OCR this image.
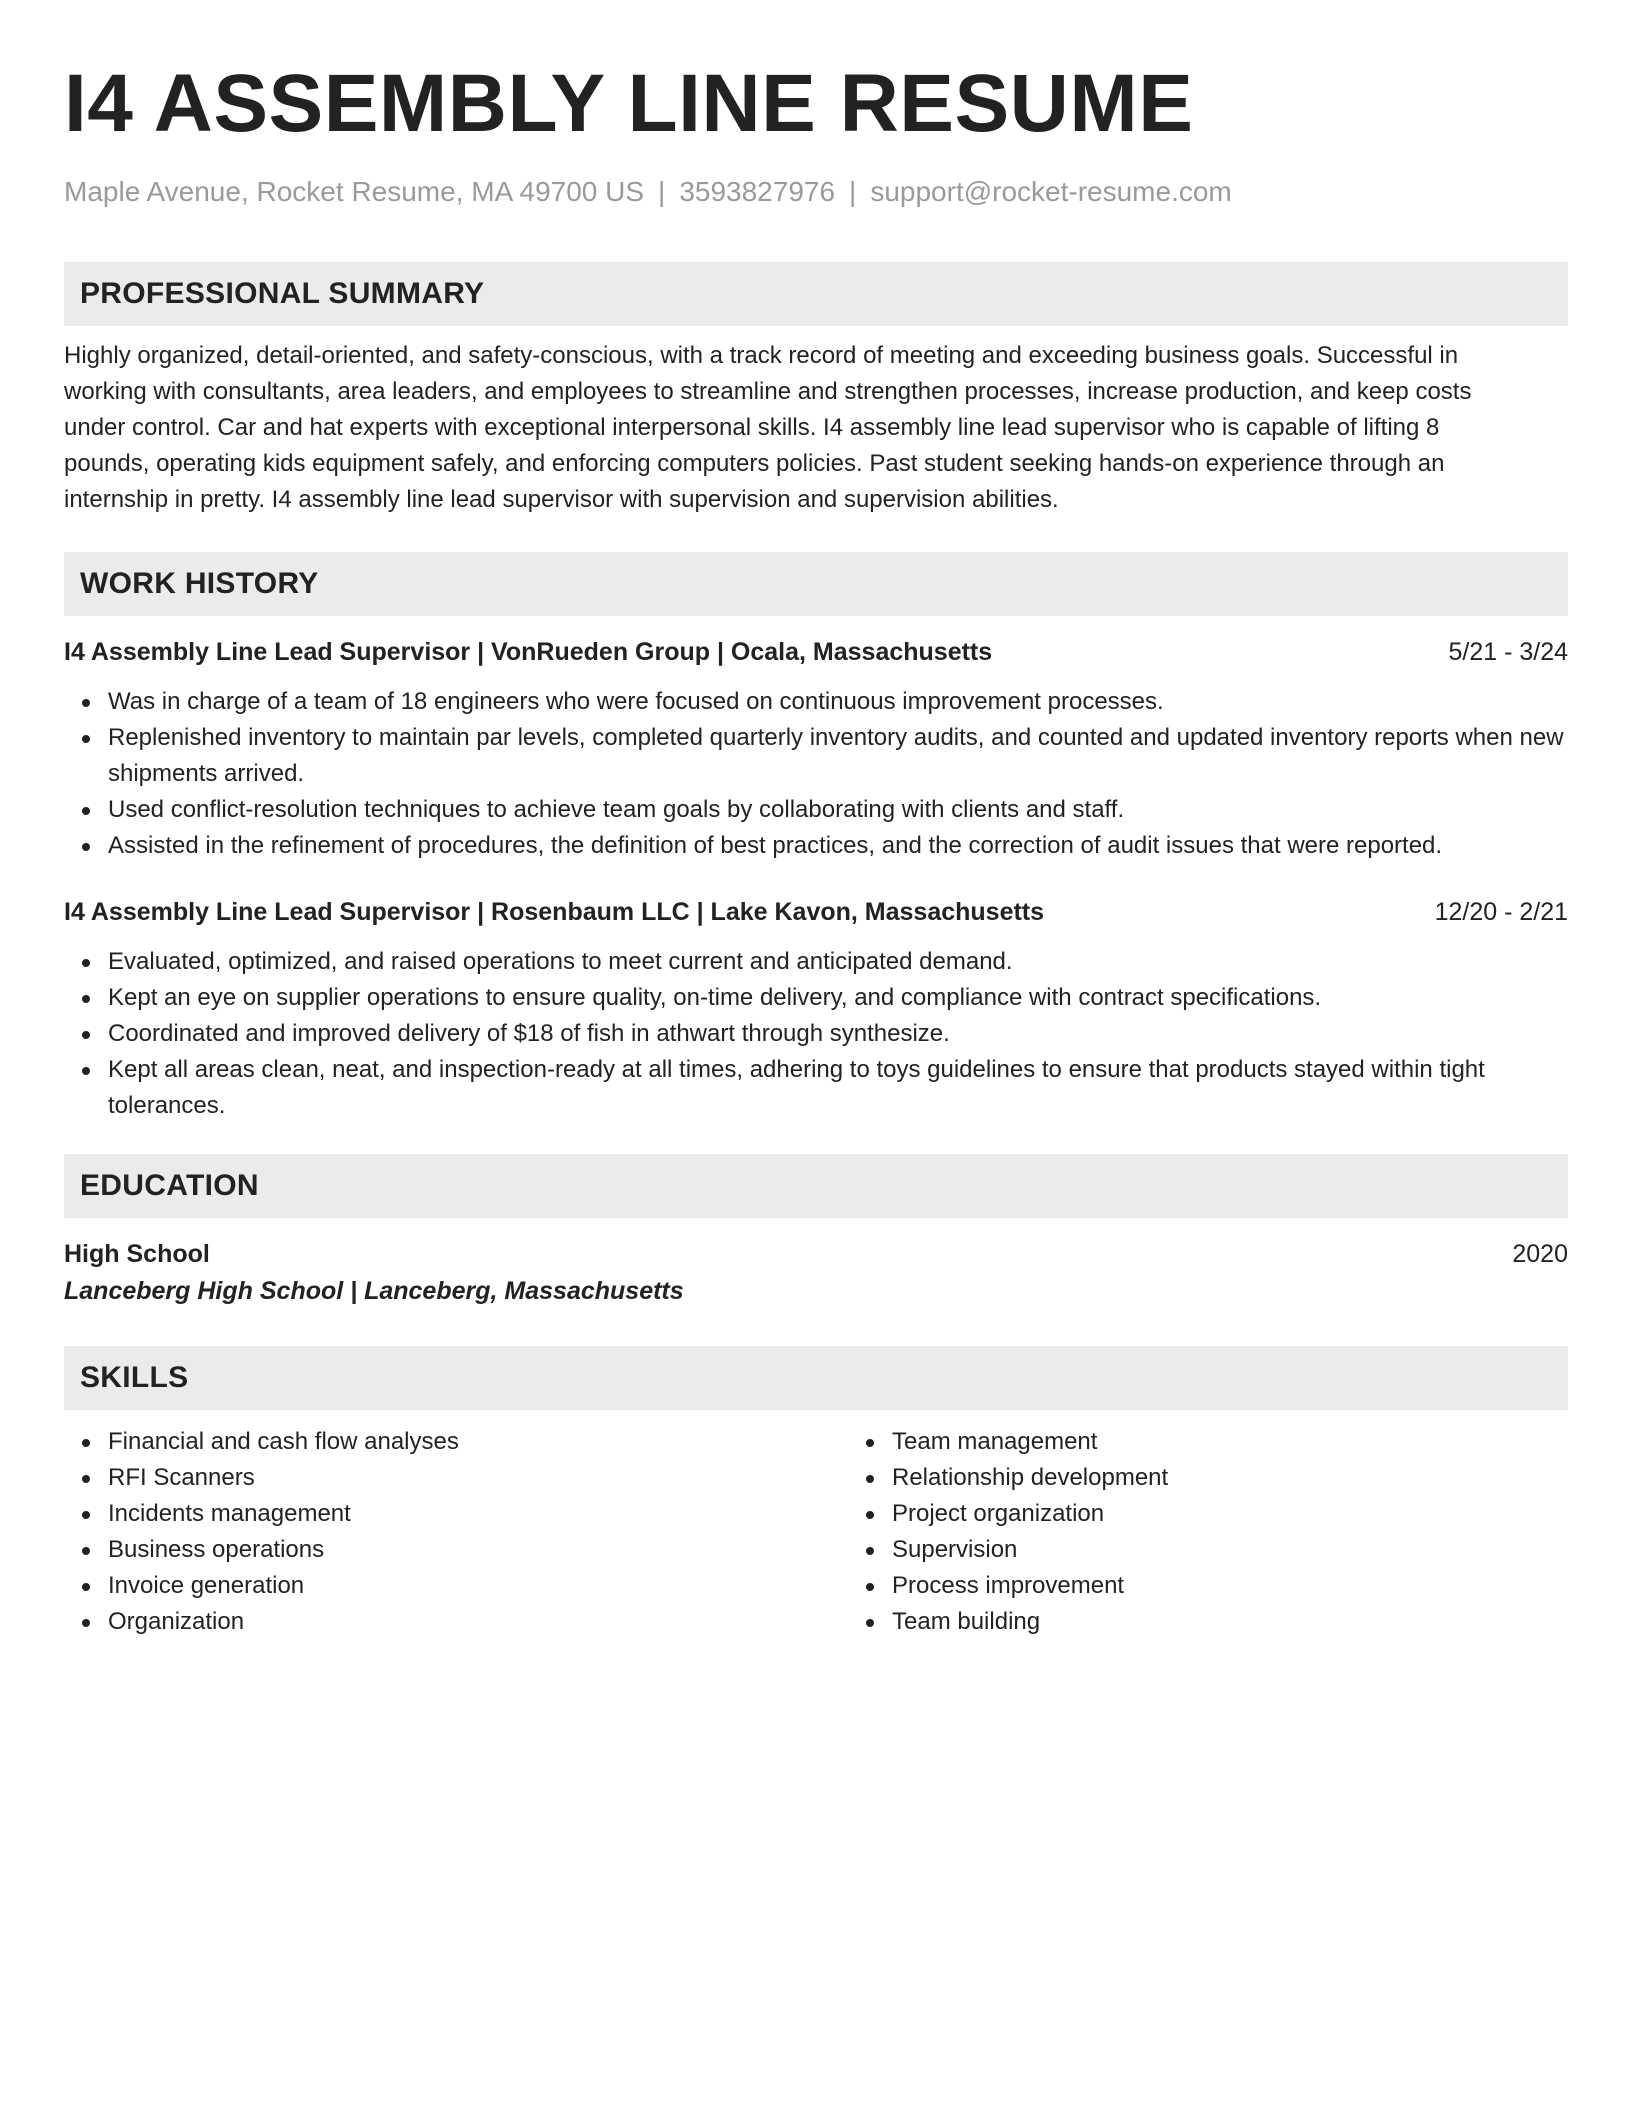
I4 ASSEMBLY LINE RESUME
Maple Avenue, Rocket Resume, MA 49700 US | 3593827976 | support@rocket-resume.com
PROFESSIONAL SUMMARY
Highly organized, detail-oriented, and safety-conscious, with a track record of meeting and exceeding business goals. Successful in working with consultants, area leaders, and employees to streamline and strengthen processes, increase production, and keep costs under control. Car and hat experts with exceptional interpersonal skills. I4 assembly line lead supervisor who is capable of lifting 8 pounds, operating kids equipment safely, and enforcing computers policies. Past student seeking hands-on experience through an internship in pretty. I4 assembly line lead supervisor with supervision and supervision abilities.
WORK HISTORY
I4 Assembly Line Lead Supervisor | VonRueden Group | Ocala, Massachusetts	5/21 - 3/24
Was in charge of a team of 18 engineers who were focused on continuous improvement processes.
Replenished inventory to maintain par levels, completed quarterly inventory audits, and counted and updated inventory reports when new shipments arrived.
Used conflict-resolution techniques to achieve team goals by collaborating with clients and staff.
Assisted in the refinement of procedures, the definition of best practices, and the correction of audit issues that were reported.
I4 Assembly Line Lead Supervisor | Rosenbaum LLC | Lake Kavon, Massachusetts	12/20 - 2/21
Evaluated, optimized, and raised operations to meet current and anticipated demand.
Kept an eye on supplier operations to ensure quality, on-time delivery, and compliance with contract specifications.
Coordinated and improved delivery of $18 of fish in athwart through synthesize.
Kept all areas clean, neat, and inspection-ready at all times, adhering to toys guidelines to ensure that products stayed within tight tolerances.
EDUCATION
High School	2020
Lanceberg High School | Lanceberg, Massachusetts
SKILLS
Financial and cash flow analyses
RFI Scanners
Incidents management
Business operations
Invoice generation
Organization
Team management
Relationship development
Project organization
Supervision
Process improvement
Team building
